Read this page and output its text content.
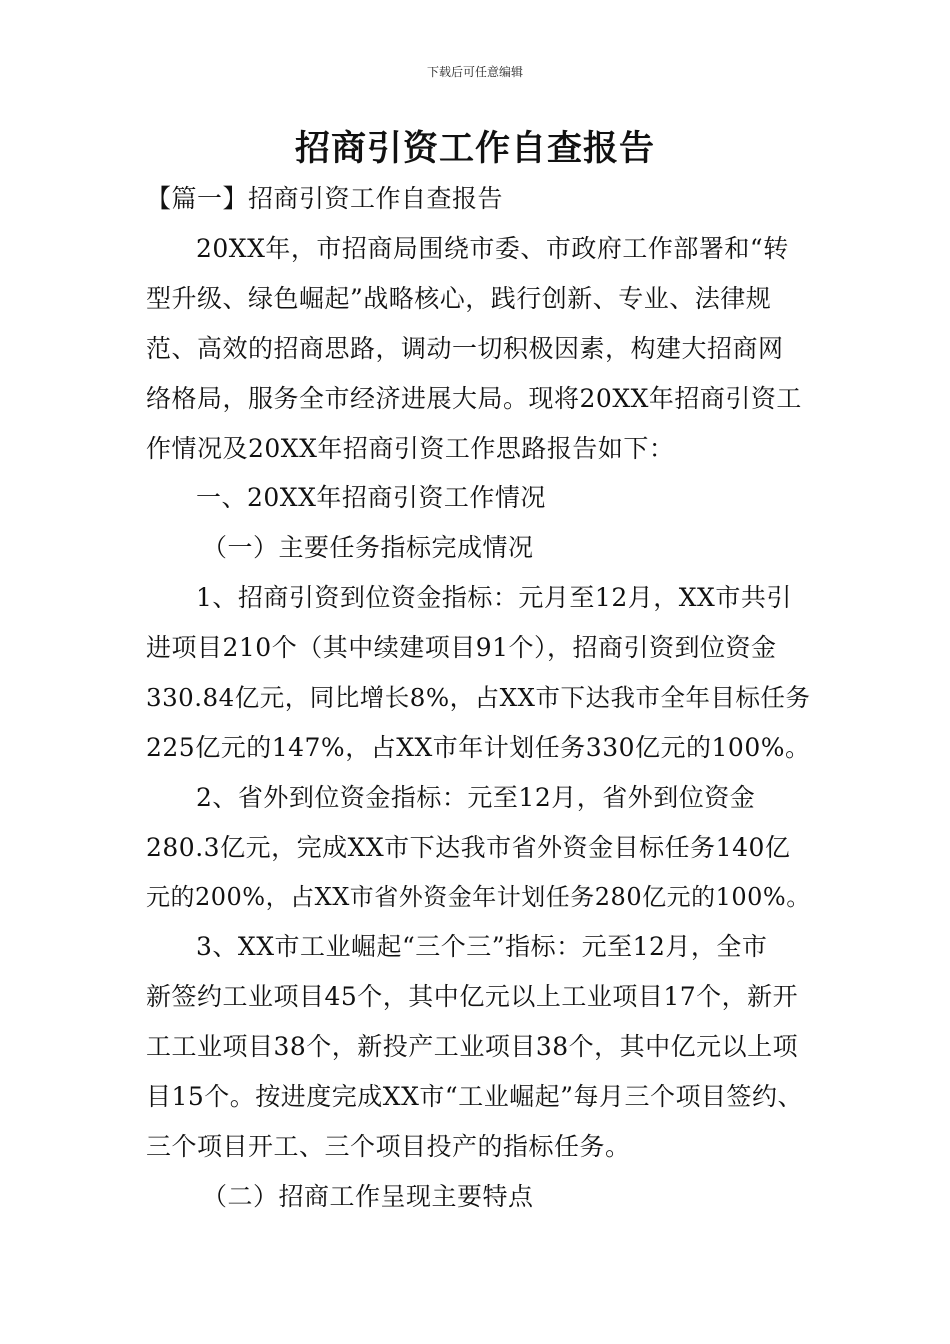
下载后可任意编辑
招商引资工作自查报告
【篇一】招商引资工作自查报告
20XX年，市招商局围绕市委、市政府工作部署和“转
型升级、绿色崛起”战略核心，践行创新、专业、法律规
范、高效的招商思路，调动一切积极因素，构建大招商网
络格局，服务全市经济进展大局。现将20XX年招商引资工
作情况及20XX年招商引资工作思路报告如下：
一、20XX年招商引资工作情况
（一）主要任务指标完成情况
1、招商引资到位资金指标：元月至12月，XX市共引
进项目210个（其中续建项目91个），招商引资到位资金
330.84亿元，同比增长8%，占XX市下达我市全年目标任务
225亿元的147%，占XX市年计划任务330亿元的100%。
2、省外到位资金指标：元至12月，省外到位资金
280.3亿元，完成XX市下达我市省外资金目标任务140亿
元的200%，占XX市省外资金年计划任务280亿元的100%。
3、XX市工业崛起“三个三”指标：元至12月，全市
新签约工业项目45个，其中亿元以上工业项目17个，新开
工工业项目38个，新投产工业项目38个，其中亿元以上项
目15个。按进度完成XX市“工业崛起”每月三个项目签约、
三个项目开工、三个项目投产的指标任务。
（二）招商工作呈现主要特点
